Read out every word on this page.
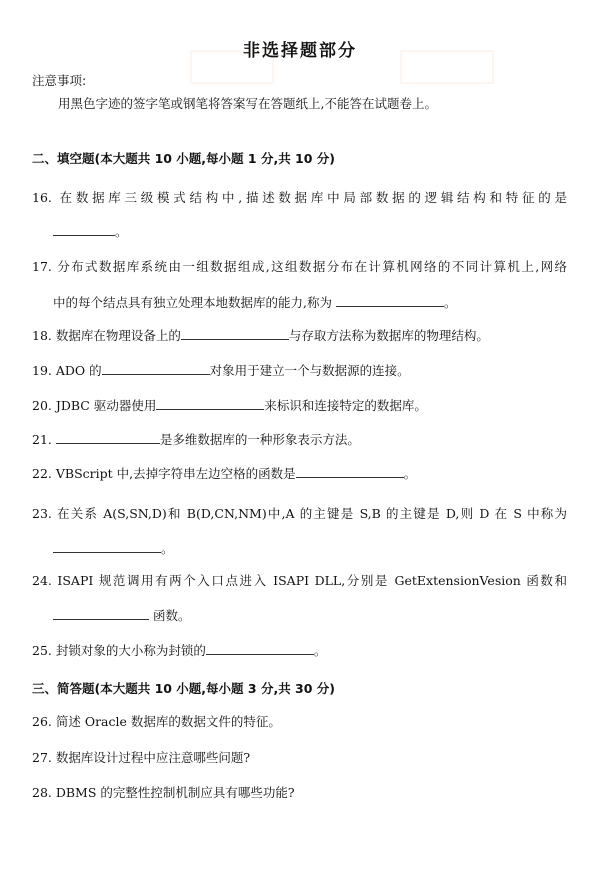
非选择题部分
注意事项:
用黑色字迹的签字笔或钢笔将答案写在答题纸上,不能答在试题卷上。
二、填空题(本大题共 10 小题,每小题 1 分,共 10 分)
16. 在数据库三级模式结构中,描述数据库中局部数据的逻辑结构和特征的是
。
17. 分布式数据库系统由一组数据组成,这组数据分布在计算机网络的不同计算机上,网络
中的每个结点具有独立处理本地数据库的能力,称为	。
18. 数据库在物理设备上的	与存取方法称为数据库的物理结构。
19. ADO 的	对象用于建立一个与数据源的连接。
20. JDBC 驱动器使用	来标识和连接特定的数据库。
21.	是多维数据库的一种形象表示方法。
22. VBScript 中,去掉字符串左边空格的函数是	。
23. 在关系 A(S,SN,D)和 B(D,CN,NM)中,A 的主键是 S,B 的主键是 D,则 D 在 S 中称为
。
24. ISAPI 规范调用有两个入口点进入 ISAPI DLL,分别是 GetExtensionVesion 函数和
函数。
25. 封锁对象的大小称为封锁的	。
三、简答题(本大题共 10 小题,每小题 3 分,共 30 分)
26. 简述 Oracle 数据库的数据文件的特征。
27. 数据库设计过程中应注意哪些问题?
28. DBMS 的完整性控制机制应具有哪些功能?
